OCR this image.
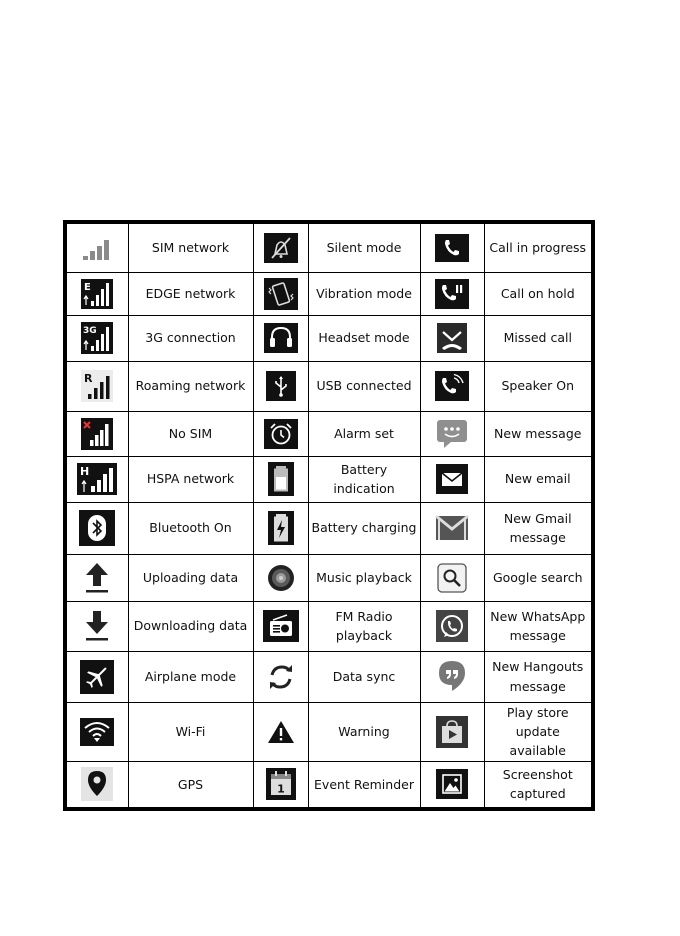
	SIM network		Silent mode		Call in progress

E	EDGE network		Vibration mode		Call on hold

3G	3G connection		Headset mode		Missed call

R	Roaming network		USB connected		Speaker On

	No SIM		Alarm set		New message

H	HSPA network		Battery indication		New email

	Bluetooth On		Battery charging		New Gmail message

	Uploading data		Music playback		Google search

	Downloading data		FM Radio playback		New WhatsApp message

	Airplane mode		Data sync		New Hangouts message

	Wi-Fi		Warning		Play store update available

	GPS	1	Event Reminder		Screenshot captured
